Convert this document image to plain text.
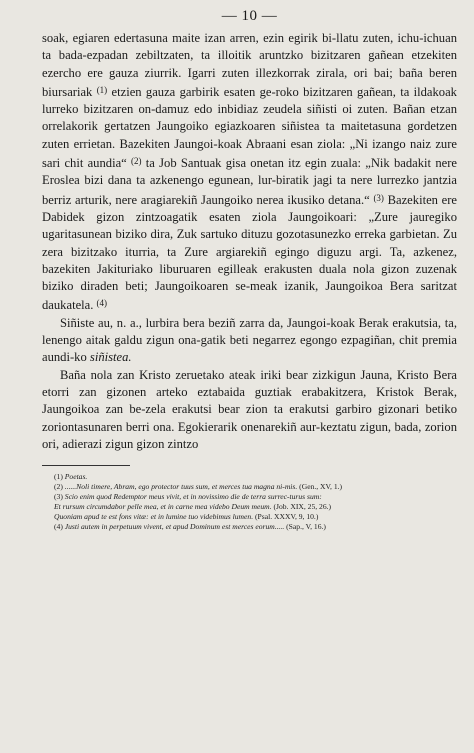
— 10 —

soak, egiaren edertasuna maite izan arren, ezin egirik bi-llatu zuten, ichu-ichuan ta bada-ezpadan zebiltzaten, ta illoitik aruntzko bizitzaren gañean etzekiten ezercho ere gauza ziurrik. Igarri zuten illezkorrak zirala, ori bai; baña beren biursariak $^{(1)}$ etzien gauza garbirik esaten ge-roko bizitzaren gañean, ta ildakoak lurreko bizitzaren on-damuz edo inbidiaz zeudela siñisti oi zuten. Bañan etzan orrelakorik gertatzen Jaungoiko egiazkoaren siñistea ta maitetasuna gordetzen zuten errietan. Bazekiten Jaungoi-koak Abraani esan ziola: „Ni izango naiz zure sari chit aundia“ $^{(2)}$ ta Job Santuak gisa onetan itz egin zuala: „Nik badakit nere Eroslea bizi dana ta azkenengo egunean, lur-biratik jagi ta nere lurrezko jantzia berriz arturik, nere aragiarekiñ Jaungoiko nerea ikusiko detana.“ $^{(3)}$ Bazekiten ere Dabidek gizon zintzoagatik esaten ziola Jaungoikoari: „Zure jauregiko ugaritasunean biziko dira, Zuk sartuko dituzu gozotasunezko erreka garbietan. Zu zera bizitzako iturria, ta Zure argiarekiñ egingo diguzu argi. Ta, azkenez, bazekiten Jakituriako liburuaren egilleak erakusten duala nola gizon zuzenak biziko diraden beti; Jaungoikoaren se-meak izanik, Jaungoikoa Bera saritzat daukatela. $^{(4)}$

Siñiste au, n. a., lurbira bera beziñ zarra da, Jaungoi-koak Berak erakutsia, ta, lenengo aitak galdu zigun ona-gatik beti negarrez egongo ezpagiñan, chit premia aundi-ko siñistea.

Baña nola zan Kristo zeruetako ateak iriki bear zizkigun Jauna, Kristo Bera etorri zan gizonen arteko eztabaida guztiak erabakitzera, Kristok Berak, Jaungoikoa zan be-zela erakutsi bear zion ta erakutsi garbiro gizonari betiko zoriontasunaren berri ona. Egokierarik onenarekiñ aur-keztatu zigun, bada, zorion ori, adierazi zigun gizon zintzo

(1) Poetas.

(2) ......Noli timere, Abram, ego protector tuus sum, et merces tua magna ni-mis. (Gen., XV, 1.)

(3) Scio enim quod Redemptor meus vivit, et in novissimo die de terra surrec-turus sum:

Et rursum circumdabor pelle mea, et in carne mea videbo Deum meum. (Job. XIX, 25, 26.)

Quoniam apud te est fons vitæ: et in lumine tuo videbimus lumen. (Psal. XXXV, 9, 10.)

(4) Justi autem in perpetuum vivent, et apud Dominum est merces eorum..... (Sap., V, 16.)
